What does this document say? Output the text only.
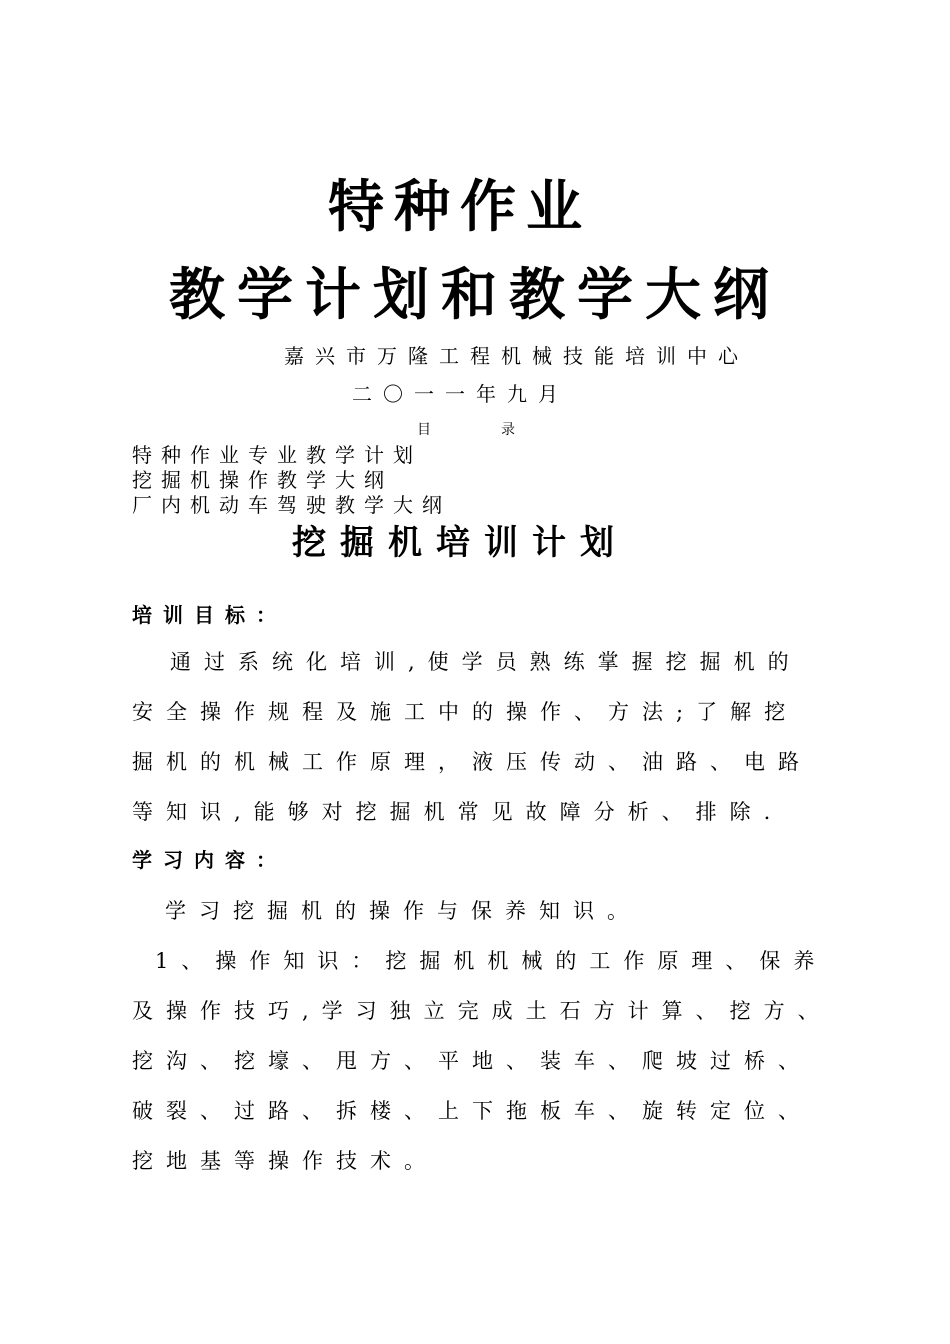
特种作业
教学计划和教学大纲
嘉兴市万隆工程机械技能培训中心
二〇一一年九月
目	录
特种作业专业教学计划
挖掘机操作教学大纲
厂内机动车驾驶教学大纲
挖掘机培训计划
培训目标：
通过系统化培训,使学员熟练掌握挖掘机的
安全操作规程及施工中的操作、方法;了解挖
掘机的机械工作原理，液压传动、油路、电路
等知识,能够对挖掘机常见故障分析、排除.
学习内容：
学习挖掘机的操作与保养知识。
1、操作知识：挖掘机机械的工作原理、保养
及操作技巧,学习独立完成土石方计算、挖方、
挖沟、挖壕、甩方、平地、装车、爬坡过桥、
破裂、过路、拆楼、上下拖板车、旋转定位、
挖地基等操作技术。
